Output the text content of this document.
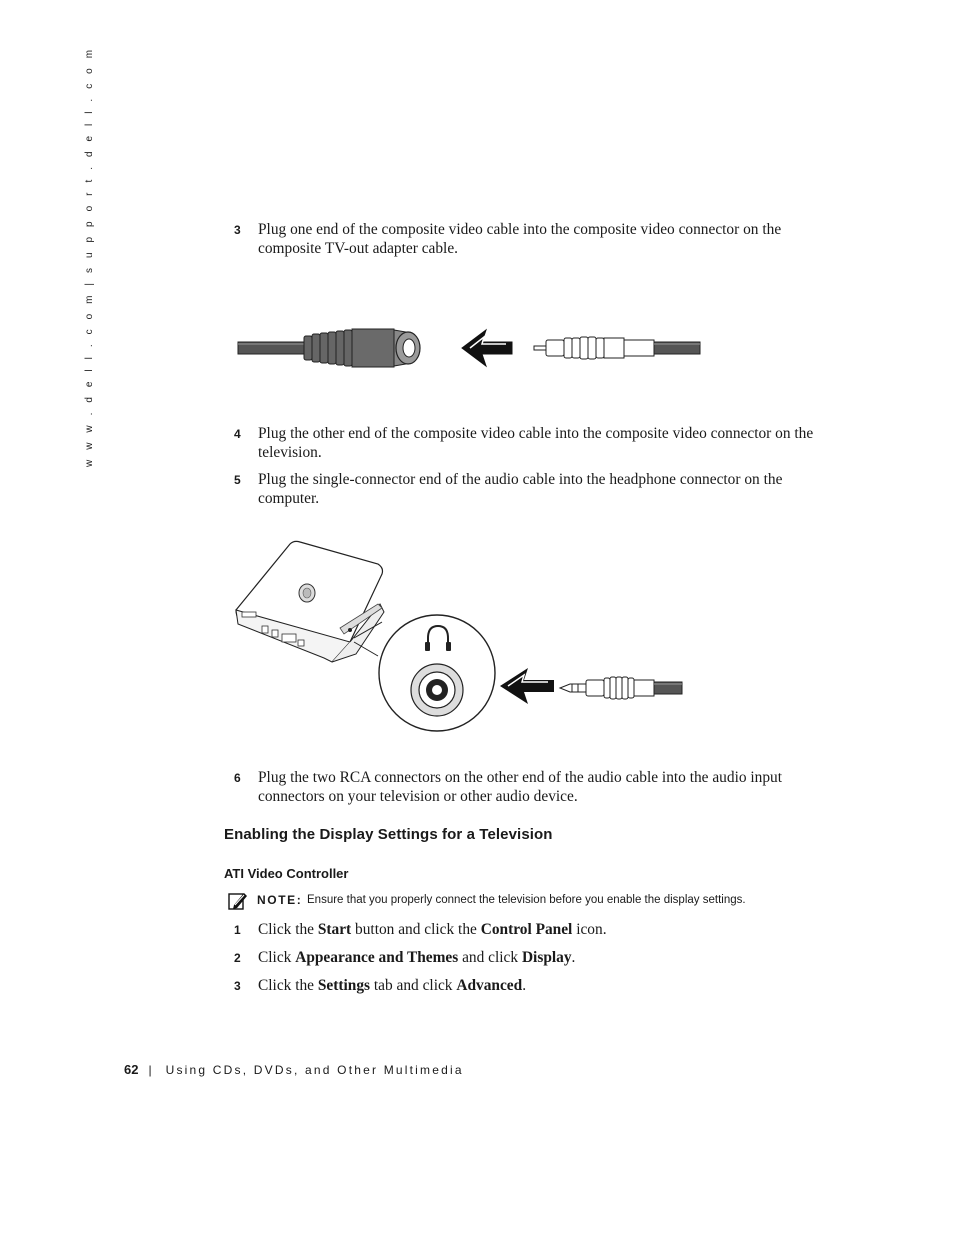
w w w . d e l l . c o m | s u p p o r t . d e l l . c o m	3 Plug one end of the composite video cable into the composite video connector on the composite TV-out adapter cable.
4 Plug the other end of the composite video cable into the composite video connector on the television.
5 Plug the single-connector end of the audio cable into the headphone connector on the computer.
6 Plug the two RCA connectors on the other end of the audio cable into the audio input connectors on your television or other audio device.
Enabling the Display Settings for a Television
ATI Video Controller
NOTE: Ensure that you properly connect the television before you enable the display settings.
1 Click the Start button and click the Control Panel icon.
2 Click Appearance and Themes and click Display.
3 Click the Settings tab and click Advanced.
62 | Using CDs, DVDs, and Other Multimedia
